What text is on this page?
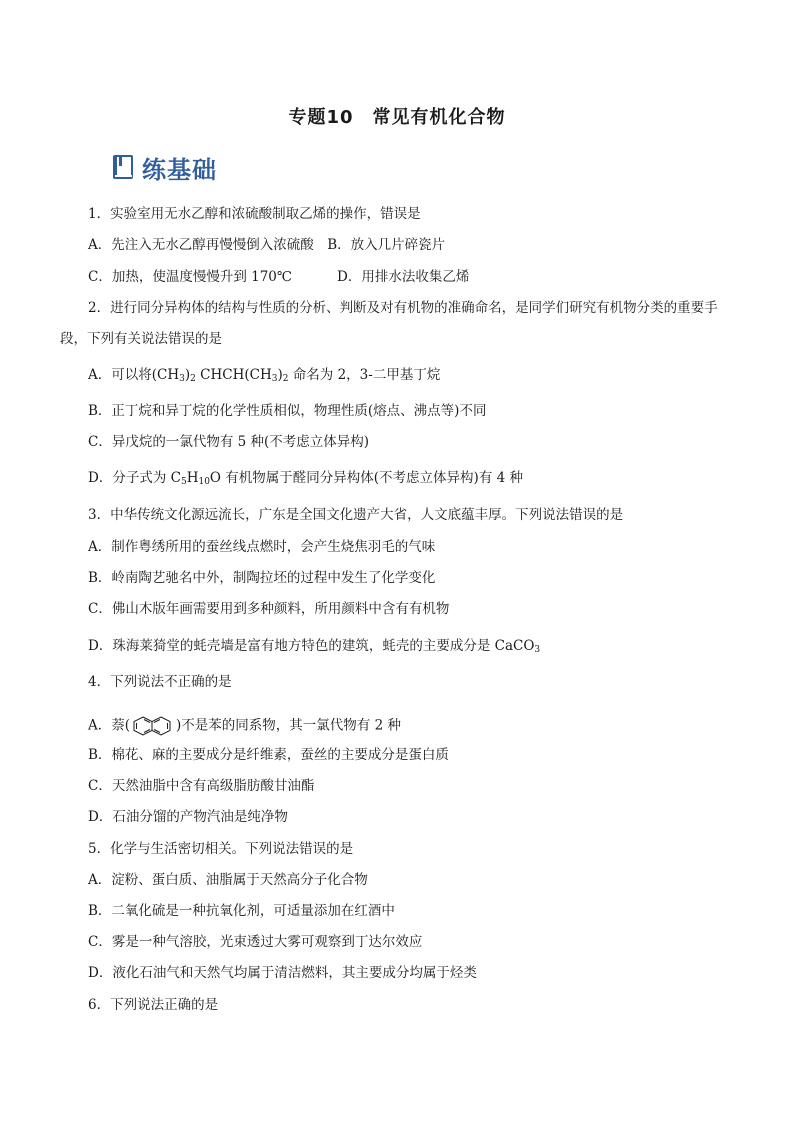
专题10　常见有机化合物
练基础
1．实验室用无水乙醇和浓硫酸制取乙烯的操作，错误是
A．先注入无水乙醇再慢慢倒入浓硫酸　B．放入几片碎瓷片
C．加热，使温度慢慢升到 170℃	D．用排水法收集乙烯
2．进行同分异构体的结构与性质的分析、判断及对有机物的准确命名，是同学们研究有机物分类的重要手
段，下列有关说法错误的是
A．可以将$(CH_3)_2$ $CHCH(CH_3)_2$ 命名为 2，3-二甲基丁烷
B．正丁烷和异丁烷的化学性质相似，物理性质(熔点、沸点等)不同
C．异戊烷的一氯代物有 5 种(不考虑立体异构)
D．分子式为 $C_5H_{10}O$ 有机物属于醛同分异构体(不考虑立体异构)有 4 种
3．中华传统文化源远流长，广东是全国文化遗产大省，人文底蕴丰厚。下列说法错误的是
A．制作粤绣所用的蚕丝线点燃时，会产生烧焦羽毛的气味
B．岭南陶艺驰名中外，制陶拉坯的过程中发生了化学变化
C．佛山木版年画需要用到多种颜料，所用颜料中含有有机物
D．珠海莱猗堂的蚝壳墙是富有地方特色的建筑，蚝壳的主要成分是 CaCO$_3$
4．下列说法不正确的是
A．萘(	)不是苯的同系物，其一氯代物有 2 种
B．棉花、麻的主要成分是纤维素，蚕丝的主要成分是蛋白质
C．天然油脂中含有高级脂肪酸甘油酯
D．石油分馏的产物汽油是纯净物
5．化学与生活密切相关。下列说法错误的是
A．淀粉、蛋白质、油脂属于天然高分子化合物
B．二氧化硫是一种抗氧化剂，可适量添加在红酒中
C．雾是一种气溶胶，光束透过大雾可观察到丁达尔效应
D．液化石油气和天然气均属于清洁燃料，其主要成分均属于烃类
6．下列说法正确的是
